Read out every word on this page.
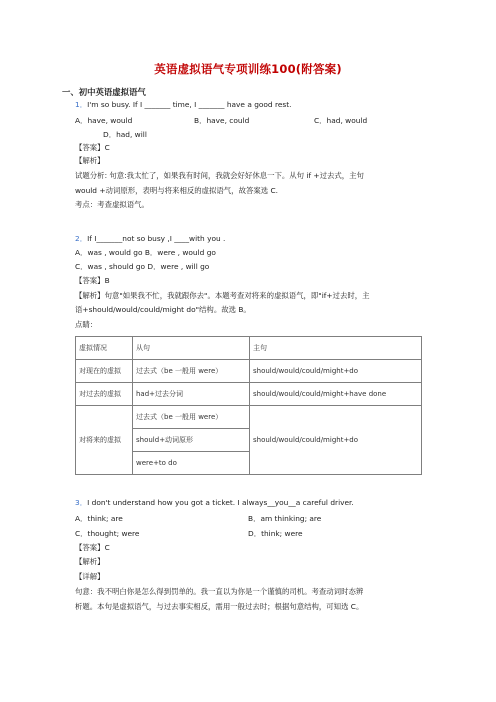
英语虚拟语气专项训练100(附答案)
一、初中英语虚拟语气
1．I'm so busy. If I _______ time, I _______ have a good rest.
A．have, would	B．have, could	C．had, would
D．had, will
【答案】C
【解析】
试题分析: 句意:我太忙了，如果我有时间，我就会好好休息一下。从句 if +过去式，主句
would +动词原形，表明与将来相反的虚拟语气，故答案选 C.
考点：考查虚拟语气。
2．If I_______not so busy ,I ____with you .
A．was , would go B．were , would go
C．was , should go D．were , will go
【答案】B
【解析】句意"如果我不忙，我就跟你去"。本题考查对将来的虚拟语气，即"if+过去时，主
语+should/would/could/might do"结构。故选 B。
点睛：
虚拟情况	从句	主句
对现在的虚拟	过去式（be 一般用 were）	should/would/could/might+do
对过去的虚拟	had+过去分词	should/would/could/might+have done
对将来的虚拟	过去式（be 一般用 were）	should/would/could/might+do
	should+动词原形	
	were+to do	
3．I don't understand how you got a ticket. I always__you__a careful driver.
A．think; are	B．am thinking; are
C．thought; were	D．think; were
【答案】C
【解析】
【详解】
句意：我不明白你是怎么得到罚单的。我一直以为你是一个谨慎的司机。考查动词时态辨
析题。本句是虚拟语气，与过去事实相反，需用一般过去时；根据句意结构，可知选 C。
